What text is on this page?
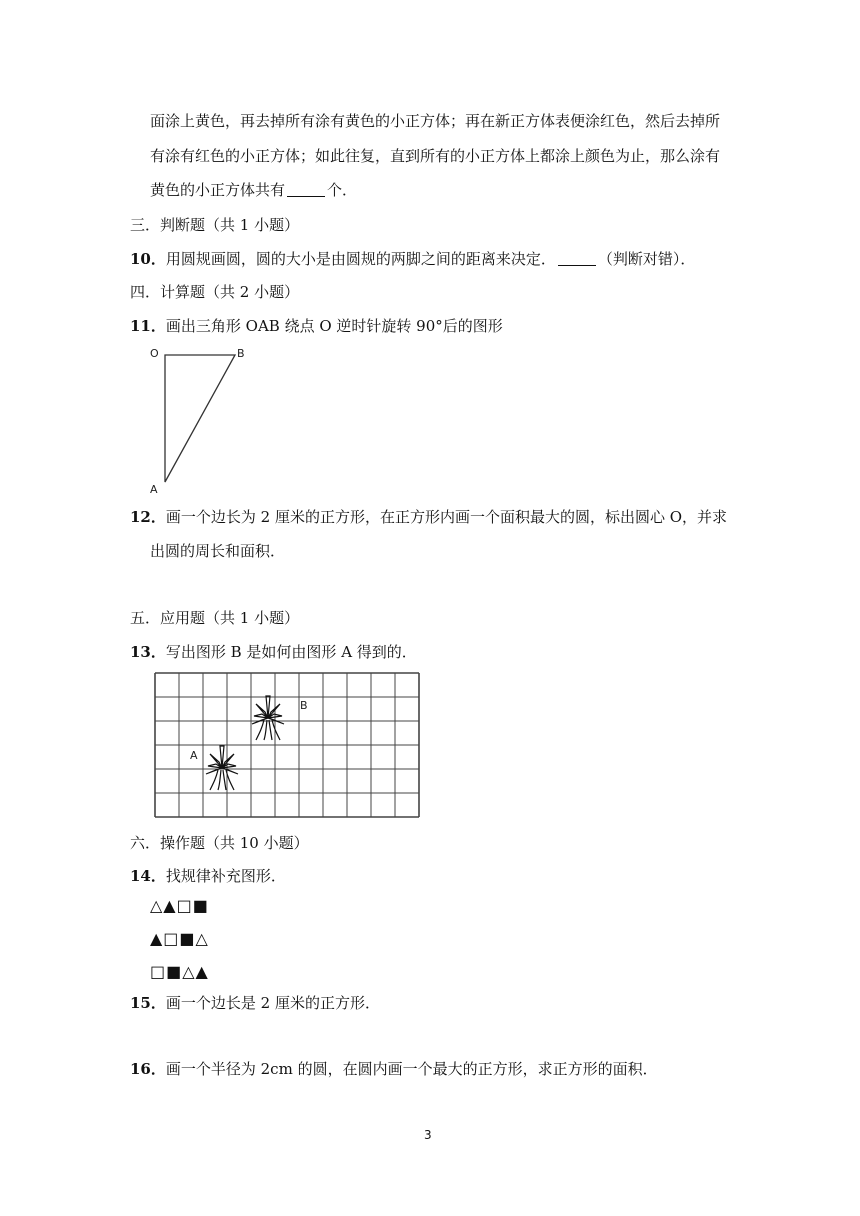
面涂上黄色，再去掉所有涂有黄色的小正方体；再在新正方体表便涂红色，然后去掉所
有涂有红色的小正方体；如此往复，直到所有的小正方体上都涂上颜色为止，那么涂有
黄色的小正方体共有	个．
三．判断题（共 1 小题）
10．用圆规画圆，圆的大小是由圆规的两脚之间的距离来决定．	（判断对错）．
四．计算题（共 2 小题）
11．画出三角形 OAB 绕点 O 逆时针旋转 90°后的图形
O	B
A
12．画一个边长为 2 厘米的正方形，在正方形内画一个面积最大的圆，标出圆心 O，并求
出圆的周长和面积．
五．应用题（共 1 小题）
13．写出图形 B 是如何由图形 A 得到的．
A
B
六．操作题（共 10 小题）
14．找规律补充图形．
△▲□■
▲□■△
□■△▲
15．画一个边长是 2 厘米的正方形．
16．画一个半径为 2cm 的圆，在圆内画一个最大的正方形，求正方形的面积．
3
